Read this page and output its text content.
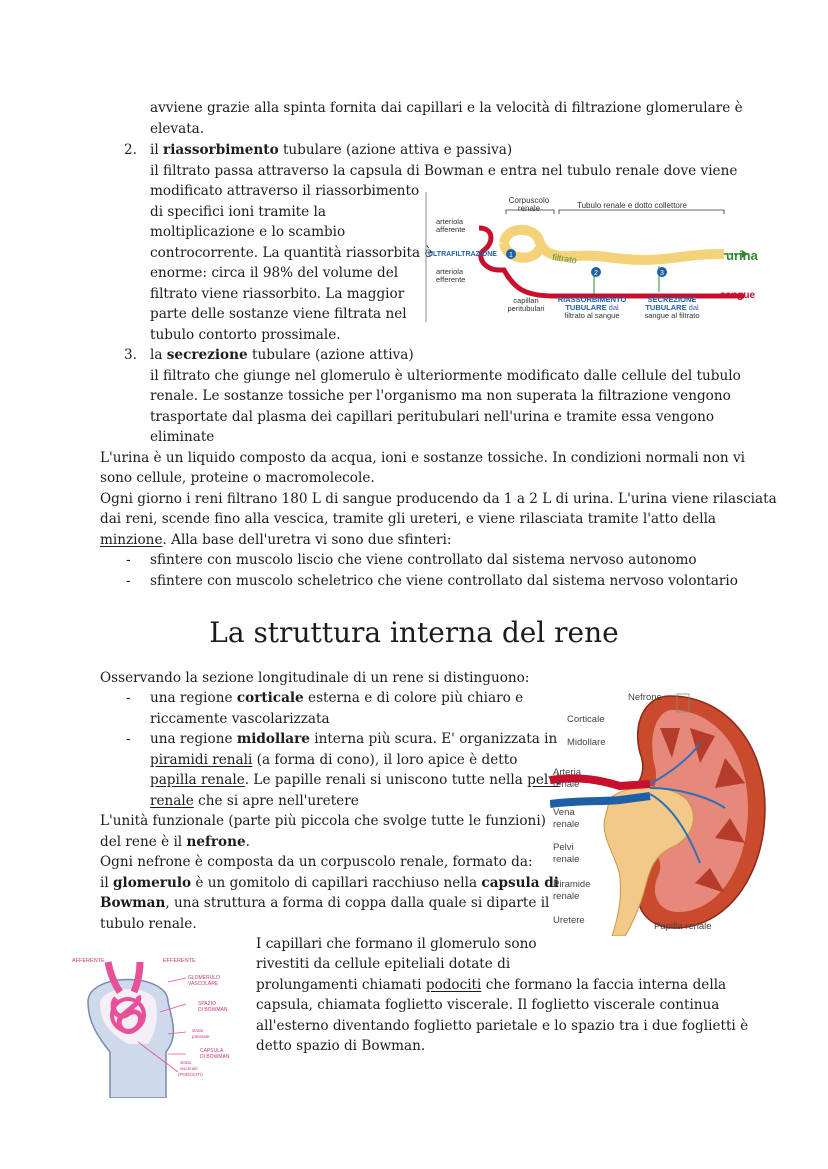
avviene grazie alla spinta fornita dai capillari e la velocità di filtrazione glomerulare è
elevata.
2. il riassorbimento tubulare (azione attiva e passiva)
il filtrato passa attraverso la capsula di Bowman e entra nel tubulo renale dove viene
modificato attraverso il riassorbimento
di specifici ioni tramite la
moltiplicazione e lo scambio
controcorrente. La quantità riassorbita è
enorme: circa il 98% del volume del
filtrato viene riassorbito. La maggior
parte delle sostanze viene filtrata nel
tubulo contorto prossimale.
Corpuscolo
renale	Tubulo renale e dotto collettore
arteriola
afferente
arteriola
efferente
filtrato	urina
sangue
ULTRAFILTRAZIONE 1
2	3
capillari
peritubulari
RIASSORBIMENTO
TUBULARE dal
filtrato al sangue
SECREZIONE
TUBULARE dal
sangue al filtrato
3. la secrezione tubulare (azione attiva)
il filtrato che giunge nel glomerulo è ulteriormente modificato dalle cellule del tubulo
renale. Le sostanze tossiche per l'organismo ma non superata la filtrazione vengono
trasportate dal plasma dei capillari peritubulari nell'urina e tramite essa vengono
eliminate
L'urina è un liquido composto da acqua, ioni e sostanze tossiche. In condizioni normali non vi
sono cellule, proteine o macromolecole.
Ogni giorno i reni filtrano 180 L di sangue producendo da 1 a 2 L di urina. L'urina viene rilasciata
dai reni, scende fino alla vescica, tramite gli ureteri, e viene rilasciata tramite l'atto della
minzione. Alla base dell'uretra vi sono due sfinteri:
- sfintere con muscolo liscio che viene controllato dal sistema nervoso autonomo
- sfintere con muscolo scheletrico che viene controllato dal sistema nervoso volontario
La struttura interna del rene
Osservando la sezione longitudinale di un rene si distinguono:
- una regione corticale esterna e di colore più chiaro e
riccamente vascolarizzata
- una regione midollare interna più scura. E' organizzata in
piramidi renali (a forma di cono), il loro apice è detto
papilla renale. Le papille renali si uniscono tutte nella pelvi
renale che si apre nell'uretere
L'unità funzionale (parte più piccola che svolge tutte le funzioni)
del rene è il nefrone.
Ogni nefrone è composta da un corpuscolo renale, formato da:
il glomerulo è un gomitolo di capillari racchiuso nella capsula di
Bowman, una struttura a forma di coppa dalla quale si diparte il
tubulo renale.
Nefrone
Corticale
Midollare
Arteria
renale
Vena
renale
Pelvi
renale
Piramide
renale
Uretere
Papilla renale
AFFERENTE	EFFERENTE
GLOMERULO
VASCOLARE
SPAZIO
DI BOWMAN
strato
parietale
CAPSULA
DI BOWMAN
strato
viscerale
(PODOCITI)
I capillari che formano il glomerulo sono
rivestiti da cellule epiteliali dotate di
prolungamenti chiamati podociti che formano la faccia interna della
capsula, chiamata foglietto viscerale. Il foglietto viscerale continua
all'esterno diventando foglietto parietale e lo spazio tra i due foglietti è
detto spazio di Bowman.
